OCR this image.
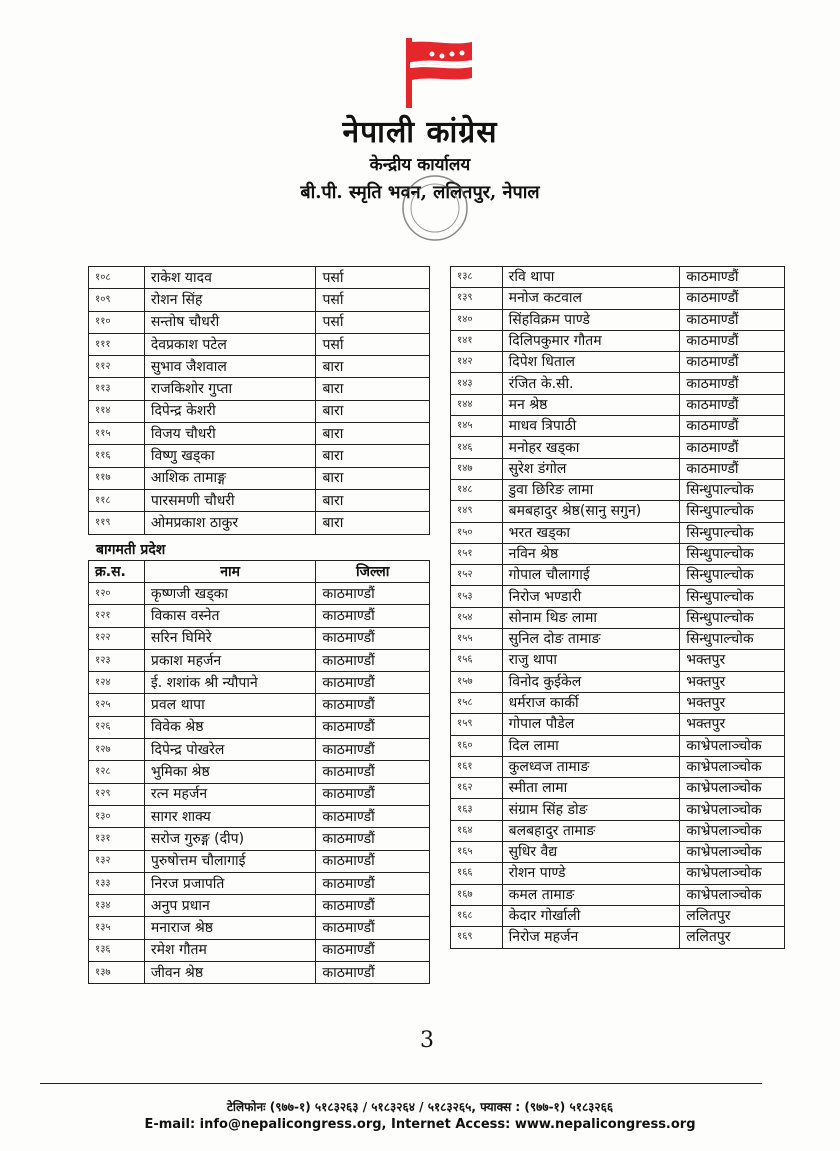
नेपाली कांग्रेस
केन्द्रीय कार्यालय
बी.पी. स्मृति भवन, ललितपुर, नेपाल
१०८	राकेश यादव	पर्सा
१०९	रोशन सिंह	पर्सा
११०	सन्तोष चौधरी	पर्सा
१११	देवप्रकाश पटेल	पर्सा
११२	सुभाव जैशवाल	बारा
११३	राजकिशोर गुप्ता	बारा
११४	दिपेन्द्र केशरी	बारा
११५	विजय चौधरी	बारा
११६	विष्णु खड्का	बारा
११७	आशिक तामाङ्ग	बारा
११८	पारसमणी चौधरी	बारा
११९	ओमप्रकाश ठाकुर	बारा
बागमती प्रदेश
क्र.स.	नाम	जिल्ला
१२०	कृष्णजी खड्का	काठमाण्डौं
१२१	विकास वस्नेत	काठमाण्डौं
१२२	सरिन घिमिरे	काठमाण्डौं
१२३	प्रकाश महर्जन	काठमाण्डौं
१२४	ई. शशांक श्री न्यौपाने	काठमाण्डौं
१२५	प्रवल थापा	काठमाण्डौं
१२६	विवेक श्रेष्ठ	काठमाण्डौं
१२७	दिपेन्द्र पोखरेल	काठमाण्डौं
१२८	भुमिका श्रेष्ठ	काठमाण्डौं
१२९	रत्न महर्जन	काठमाण्डौं
१३०	सागर शाक्य	काठमाण्डौं
१३१	सरोज गुरुङ्ग (दीप)	काठमाण्डौं
१३२	पुरुषोत्तम चौलागाई	काठमाण्डौं
१३३	निरज प्रजापति	काठमाण्डौं
१३४	अनुप प्रधान	काठमाण्डौं
१३५	मनाराज श्रेष्ठ	काठमाण्डौं
१३६	रमेश गौतम	काठमाण्डौं
१३७	जीवन श्रेष्ठ	काठमाण्डौं
१३८	रवि थापा	काठमाण्डौं
१३९	मनोज कटवाल	काठमाण्डौं
१४०	सिंहविक्रम पाण्डे	काठमाण्डौं
१४१	दिलिपकुमार गौतम	काठमाण्डौं
१४२	दिपेश धिताल	काठमाण्डौं
१४३	रंजित के.सी.	काठमाण्डौं
१४४	मन श्रेष्ठ	काठमाण्डौं
१४५	माधव त्रिपाठी	काठमाण्डौं
१४६	मनोहर खड्का	काठमाण्डौं
१४७	सुरेश डंगोल	काठमाण्डौं
१४८	डुवा छिरिङ लामा	सिन्धुपाल्चोक
१४९	बमबहादुर श्रेष्ठ(सानु सगुन)	सिन्धुपाल्चोक
१५०	भरत खड्का	सिन्धुपाल्चोक
१५१	नविन श्रेष्ठ	सिन्धुपाल्चोक
१५२	गोपाल चौलागाई	सिन्धुपाल्चोक
१५३	निरोज भण्डारी	सिन्धुपाल्चोक
१५४	सोनाम थिङ लामा	सिन्धुपाल्चोक
१५५	सुनिल दोङ तामाङ	सिन्धुपाल्चोक
१५६	राजु थापा	भक्तपुर
१५७	विनोद कुईकेल	भक्तपुर
१५८	धर्मराज कार्की	भक्तपुर
१५९	गोपाल पौडेल	भक्तपुर
१६०	दिल लामा	काभ्रेपलाञ्चोक
१६१	कुलध्वज तामाङ	काभ्रेपलाञ्चोक
१६२	स्मीता लामा	काभ्रेपलाञ्चोक
१६३	संग्राम सिंह डोङ	काभ्रेपलाञ्चोक
१६४	बलबहादुर तामाङ	काभ्रेपलाञ्चोक
१६५	सुधिर वैद्य	काभ्रेपलाञ्चोक
१६६	रोशन पाण्डे	काभ्रेपलाञ्चोक
१६७	कमल तामाङ	काभ्रेपलाञ्चोक
१६८	केदार गोर्खाली	ललितपुर
१६९	निरोज महर्जन	ललितपुर
3
टेलिफोनः (९७७-१) ५१८३२६३ / ५१८३२६४ / ५१८३२६५, फ्याक्स : (९७७-१) ५१८३२६६
E-mail: info@nepalicongress.org, Internet Access: www.nepalicongress.org
